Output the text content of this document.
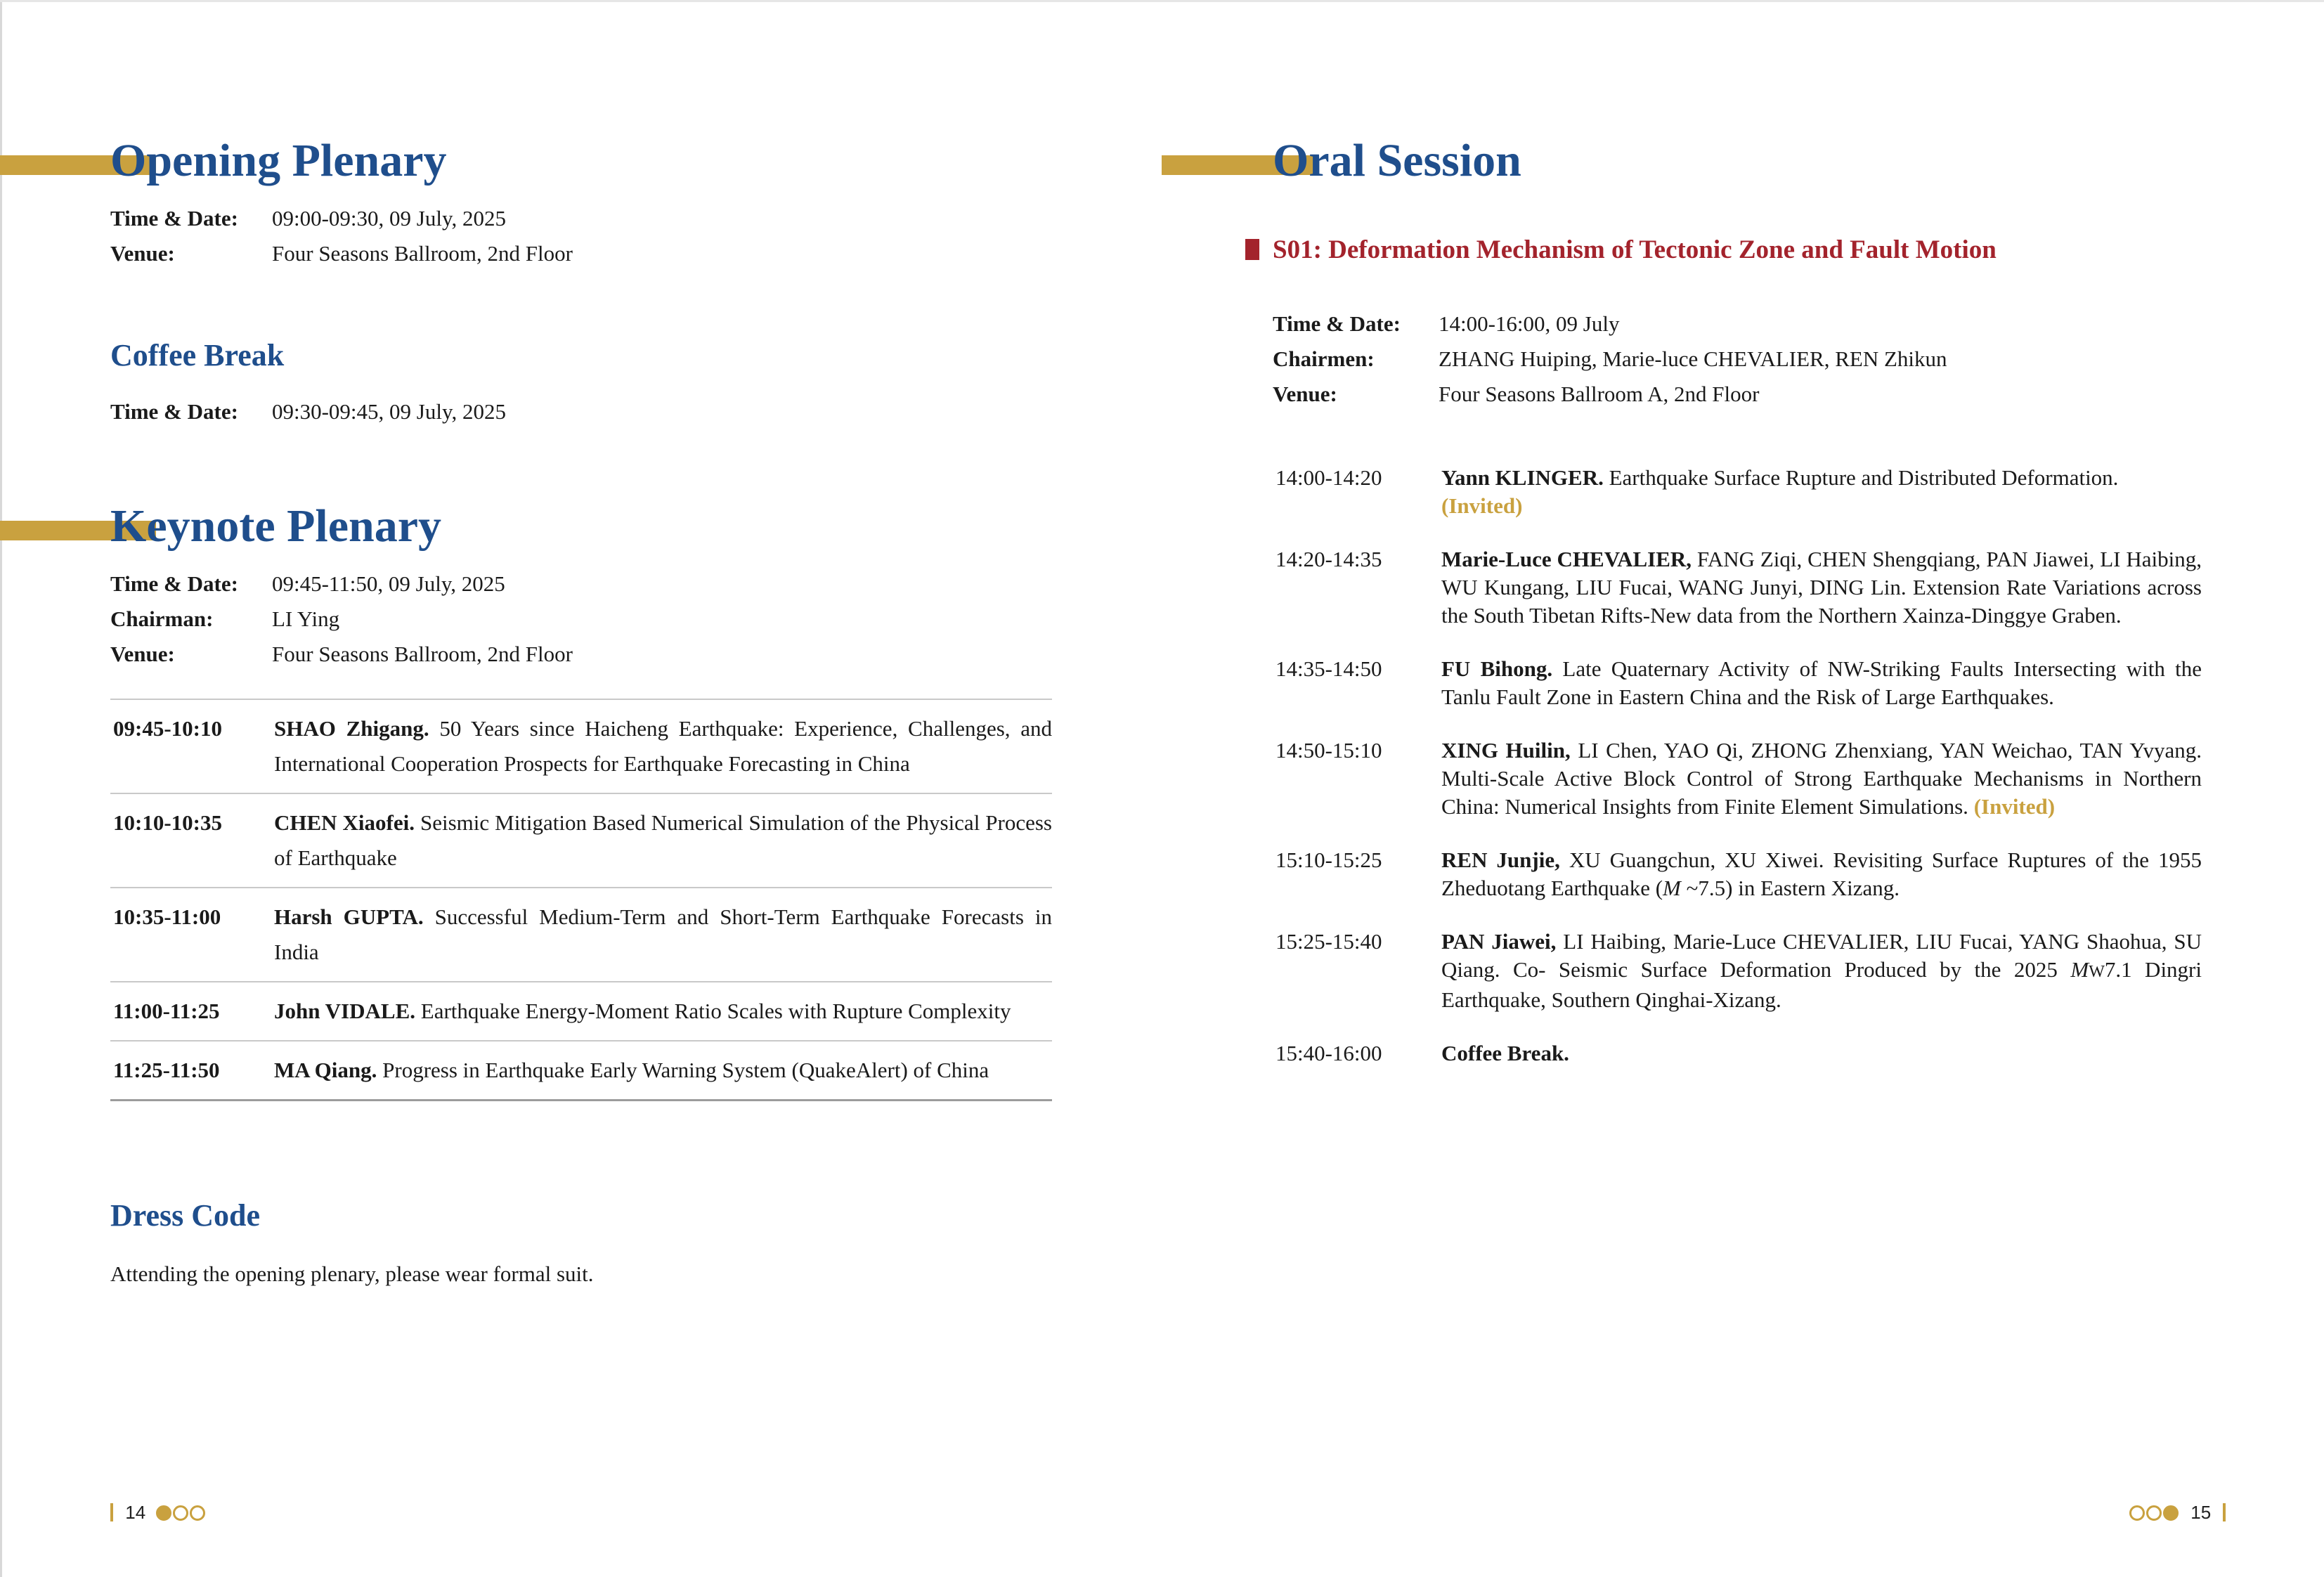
Opening Plenary
Time & Date: 09:00-09:30, 09 July, 2025
Venue:	Four Seasons Ballroom, 2nd Floor
Coffee Break
Time & Date: 09:30-09:45, 09 July, 2025
Keynote Plenary
Time & Date: 09:45-11:50, 09 July, 2025
Chairman:	LI Ying
Venue:	Four Seasons Ballroom, 2nd Floor
09:45-10:10 SHAO Zhigang. 50 Years since Haicheng Earthquake: Experience, Challenges, and International Cooperation Prospects for Earthquake Forecasting in China
10:10-10:35 CHEN Xiaofei. Seismic Mitigation Based Numerical Simulation of the Physical Process of Earthquake
10:35-11:00 Harsh GUPTA. Successful Medium-Term and Short-Term Earthquake Forecasts in India
11:00-11:25 John VIDALE. Earthquake Energy-Moment Ratio Scales with Rupture Complexity
11:25-11:50 MA Qiang. Progress in Earthquake Early Warning System (QuakeAlert) of China
Dress Code
Attending the opening plenary, please wear formal suit.
14
Oral Session
S01: Deformation Mechanism of Tectonic Zone and Fault Motion
Time & Date: 14:00-16:00, 09 July
Chairmen:	ZHANG Huiping, Marie-luce CHEVALIER, REN Zhikun
Venue:	Four Seasons Ballroom A, 2nd Floor
14:00-14:20	Yann KLINGER. Earthquake Surface Rupture and Distributed Deformation.
(Invited)
14:20-14:35	Marie-Luce CHEVALIER, FANG Ziqi, CHEN Shengqiang, PAN Jiawei, LI Haibing, WU Kungang, LIU Fucai, WANG Junyi, DING Lin. Extension Rate Variations across the South Tibetan Rifts-New data from the Northern Xainza-Dinggye Graben.
14:35-14:50	FU Bihong. Late Quaternary Activity of NW-Striking Faults Intersecting with the Tanlu Fault Zone in Eastern China and the Risk of Large Earthquakes.
14:50-15:10	XING Huilin, LI Chen, YAO Qi, ZHONG Zhenxiang, YAN Weichao, TAN Yvyang. Multi-Scale Active Block Control of Strong Earthquake Mechanisms in Northern China: Numerical Insights from Finite Element Simulations. (Invited)
15:10-15:25	REN Junjie, XU Guangchun, XU Xiwei. Revisiting Surface Ruptures of the 1955 Zheduotang Earthquake (M ~7.5) in Eastern Xizang.
15:25-15:40	PAN Jiawei, LI Haibing, Marie-Luce CHEVALIER, LIU Fucai, YANG Shaohua, SU Qiang. Co- Seismic Surface Deformation Produced by the 2025 MW7.1 Dingri Earthquake, Southern Qinghai-Xizang.
15:40-16:00	Coffee Break.
15
